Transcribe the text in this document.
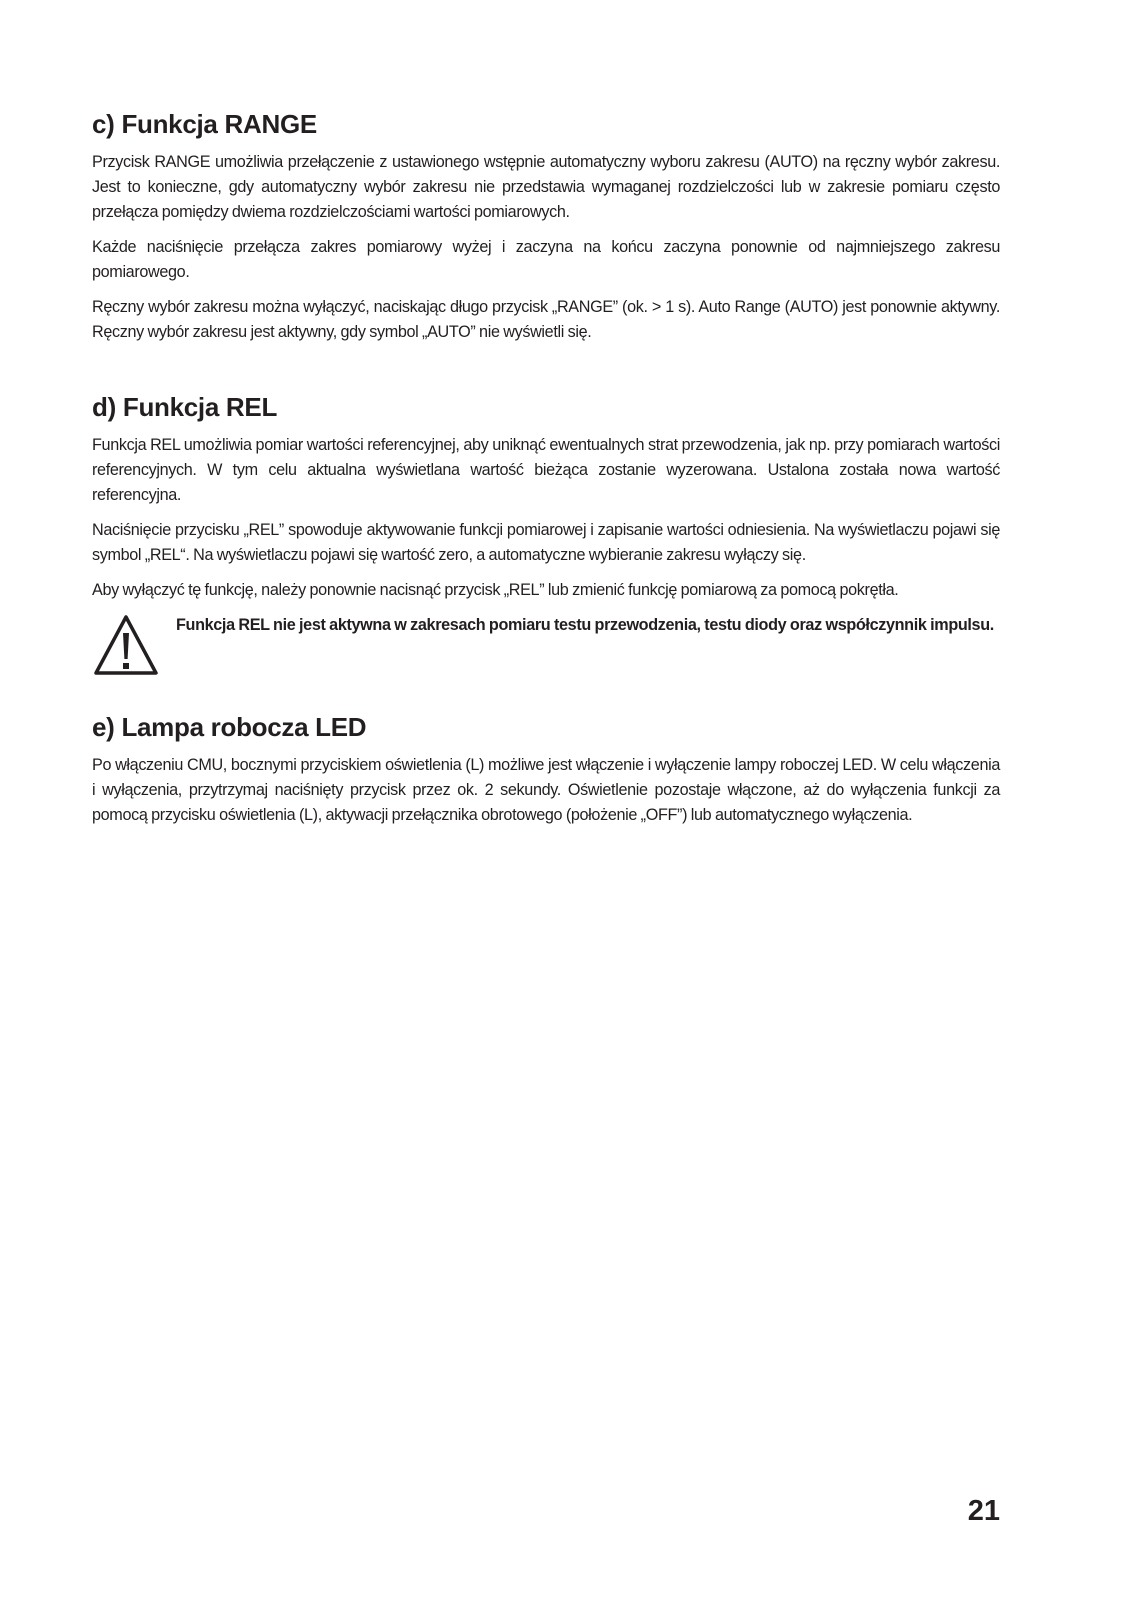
c) Funkcja RANGE

Przycisk RANGE umożliwia przełączenie z ustawionego wstępnie automatyczny wyboru zakresu (AUTO) na ręczny wybór zakresu. Jest to konieczne, gdy automatyczny wybór zakresu nie przedstawia wymaganej rozdzielczości lub w zakresie pomiaru często przełącza pomiędzy dwiema rozdzielczościami wartości pomiarowych.

Każde naciśnięcie przełącza zakres pomiarowy wyżej i zaczyna na końcu zaczyna ponownie od najmniejszego zakresu pomiarowego.

Ręczny wybór zakresu można wyłączyć, naciskając długo przycisk „RANGE” (ok. > 1 s). Auto Range (AUTO) jest ponownie aktywny. Ręczny wybór zakresu jest aktywny, gdy symbol „AUTO” nie wyświetli się.

d) Funkcja REL

Funkcja REL umożliwia pomiar wartości referencyjnej, aby uniknąć ewentualnych strat przewodzenia, jak np. przy pomiarach wartości referencyjnych. W tym celu aktualna wyświetlana wartość bieżąca zostanie wyzerowana. Ustalona została nowa wartość referencyjna.

Naciśnięcie przycisku „REL” spowoduje aktywowanie funkcji pomiarowej i zapisanie wartości odniesienia. Na wyświetlaczu pojawi się symbol „REL“. Na wyświetlaczu pojawi się wartość zero, a automatyczne wybieranie zakresu wyłączy się.

Aby wyłączyć tę funkcję, należy ponownie nacisnąć przycisk „REL” lub zmienić funkcję pomiarową za pomocą pokrętła.

Funkcja REL nie jest aktywna w zakresach pomiaru testu przewodzenia, testu diody oraz współczynnik impulsu.
e) Lampa robocza LED

Po włączeniu CMU, bocznymi przyciskiem oświetlenia (L) możliwe jest włączenie i wyłączenie lampy roboczej LED. W celu włączenia i wyłączenia, przytrzymaj naciśnięty przycisk przez ok. 2 sekundy. Oświetlenie pozostaje włączone, aż do wyłączenia funkcji za pomocą przycisku oświetlenia (L), aktywacji przełącznika obrotowego (położenie „OFF”) lub automatycznego wyłączenia.

21
